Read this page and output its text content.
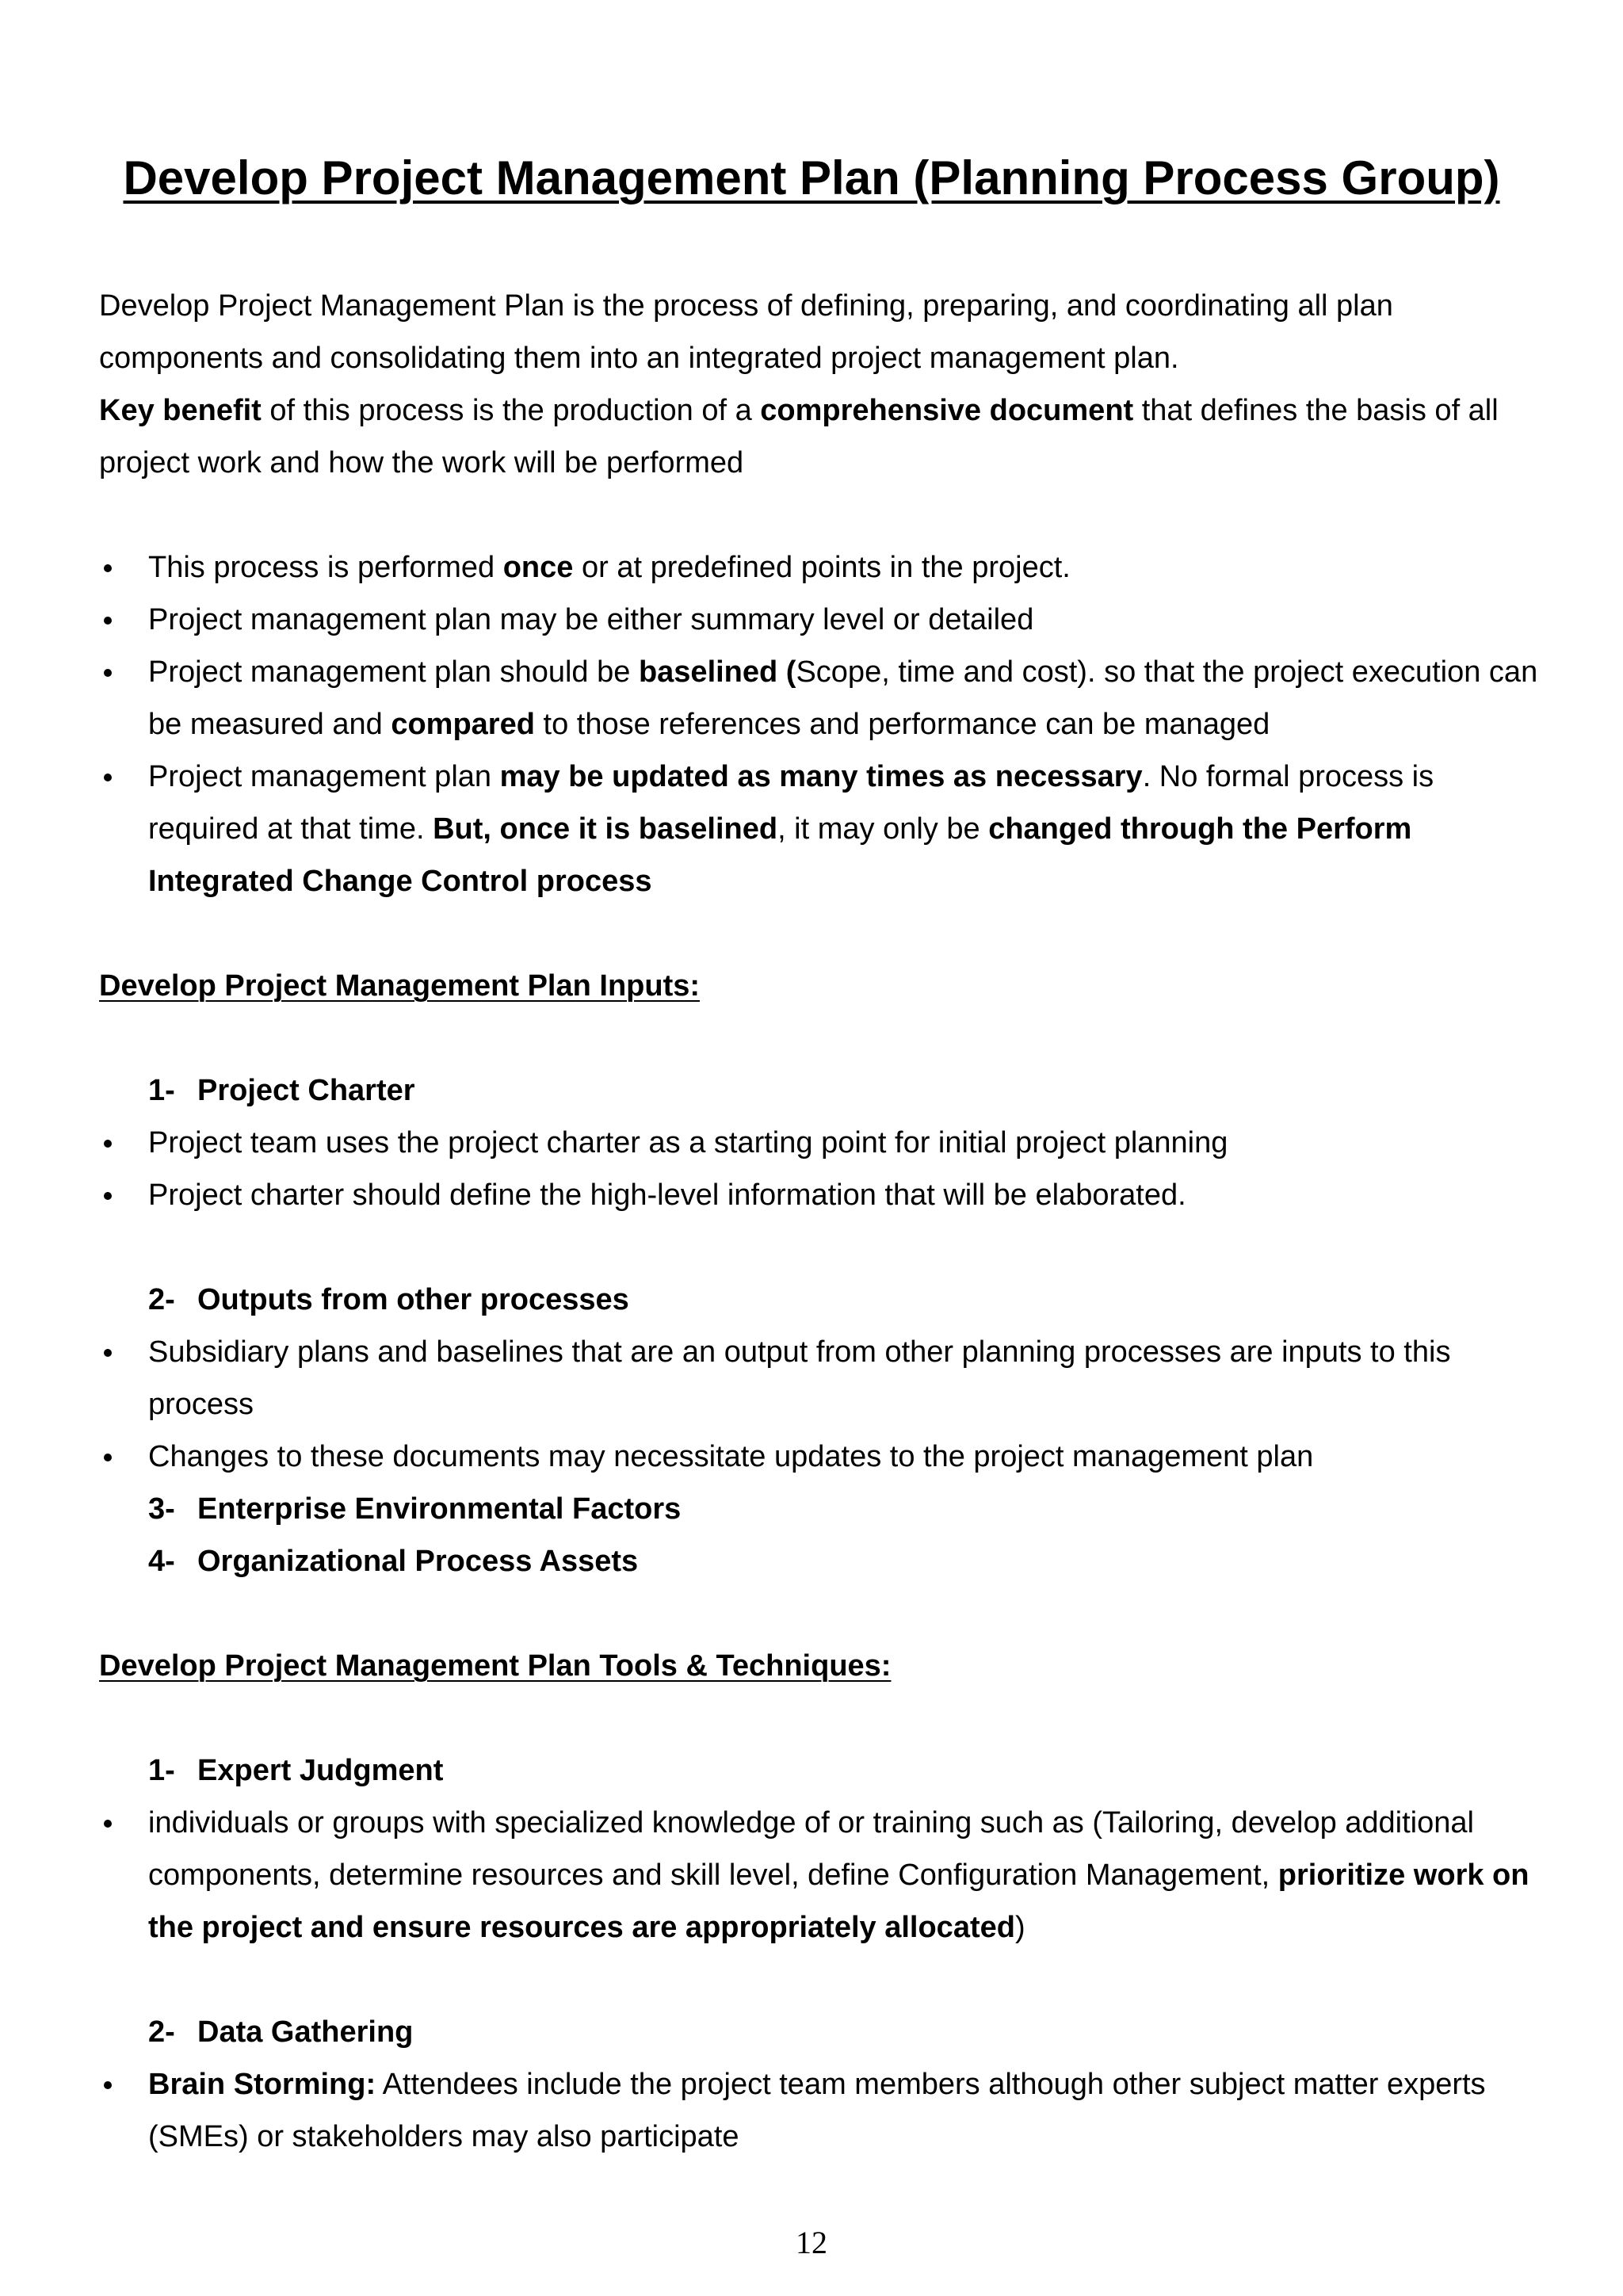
Develop Project Management Plan (Planning Process Group)

Develop Project Management Plan is the process of defining, preparing, and coordinating all plan components and consolidating them into an integrated project management plan.

Key benefit of this process is the production of a comprehensive document that defines the basis of all project work and how the work will be performed

This process is performed once or at predefined points in the project.
Project management plan may be either summary level or detailed
Project management plan should be baselined (Scope, time and cost). so that the project execution can be measured and compared to those references and performance can be managed
Project management plan may be updated as many times as necessary. No formal process is required at that time. But, once it is baselined, it may only be changed through the Perform Integrated Change Control process

Develop Project Management Plan Inputs:

1- Project Charter

Project team uses the project charter as a starting point for initial project planning
Project charter should define the high-level information that will be elaborated.

2- Outputs from other processes

Subsidiary plans and baselines that are an output from other planning processes are inputs to this process
Changes to these documents may necessitate updates to the project management plan

3- Enterprise Environmental Factors

4- Organizational Process Assets

Develop Project Management Plan Tools & Techniques:

1- Expert Judgment

individuals or groups with specialized knowledge of or training such as (Tailoring, develop additional components, determine resources and skill level, define Configuration Management, prioritize work on the project and ensure resources are appropriately allocated)

2- Data Gathering

Brain Storming: Attendees include the project team members although other subject matter experts (SMEs) or stakeholders may also participate
12
